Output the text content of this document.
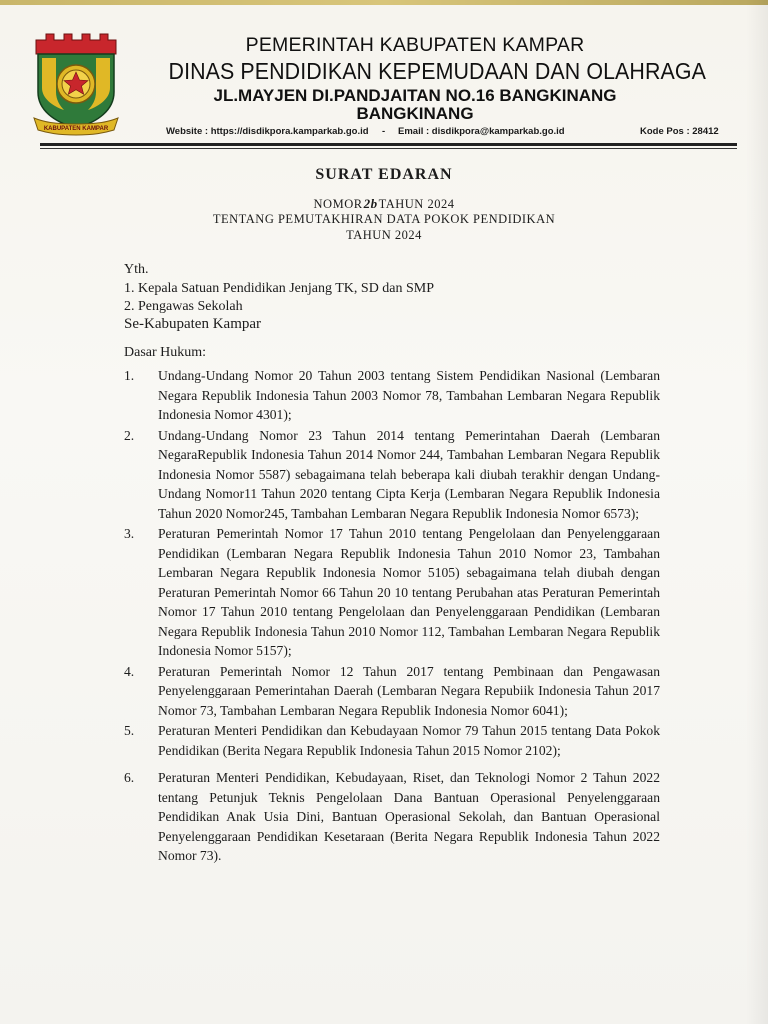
KABUPATEN KAMPAR
PEMERINTAH KABUPATEN KAMPAR
DINAS PENDIDIKAN KEPEMUDAAN DAN OLAHRAGA
JL.MAYJEN DI.PANDJAITAN NO.16 BANGKINANG
BANGKINANG
Website : https://disdikpora.kamparkab.go.id - Email : disdikpora@kamparkab.go.id	Kode Pos : 28412
SURAT EDARAN
NOMOR2bTAHUN 2024
TENTANG PEMUTAKHIRAN DATA POKOK PENDIDIKAN
TAHUN 2024
Yth.
1. Kepala Satuan Pendidikan Jenjang TK, SD dan SMP
2. Pengawas Sekolah
Se-Kabupaten Kampar
Dasar Hukum:
1. Undang-Undang Nomor 20 Tahun 2003 tentang Sistem Pendidikan Nasional (Lembaran Negara Republik Indonesia Tahun 2003 Nomor 78, Tambahan Lembaran Negara Republik Indonesia Nomor 4301);
2. Undang-Undang Nomor 23 Tahun 2014 tentang Pemerintahan Daerah (Lembaran NegaraRepublik Indonesia Tahun 2014 Nomor 244, Tambahan Lembaran Negara Republik Indonesia Nomor 5587) sebagaimana telah beberapa kali diubah terakhir dengan Undang-Undang Nomor11 Tahun 2020 tentang Cipta Kerja (Lembaran Negara Republik Indonesia Tahun 2020 Nomor245, Tambahan Lembaran Negara Republik Indonesia Nomor 6573);
3. Peraturan Pemerintah Nomor 17 Tahun 2010 tentang Pengelolaan dan Penyelenggaraan Pendidikan (Lembaran Negara Republik Indonesia Tahun 2010 Nomor 23, Tambahan Lembaran Negara Republik Indonesia Nomor 5105) sebagaimana telah diubah dengan Peraturan Pemerintah Nomor 66 Tahun 20 10 tentang Perubahan atas Peraturan Pemerintah Nomor 17 Tahun 2010 tentang Pengelolaan dan Penyelenggaraan Pendidikan (Lembaran Negara Republik Indonesia Tahun 2010 Nomor 112, Tambahan Lembaran Negara Republik Indonesia Nomor 5157);
4. Peraturan Pemerintah Nomor 12 Tahun 2017 tentang Pembinaan dan Pengawasan Penyelenggaraan Pemerintahan Daerah (Lembaran Negara Repubiik Indonesia Tahun 2017 Nomor 73, Tambahan Lembaran Negara Republik Indonesia Nomor 6041);
5. Peraturan Menteri Pendidikan dan Kebudayaan Nomor 79 Tahun 2015 tentang Data Pokok Pendidikan (Berita Negara Republik Indonesia Tahun 2015 Nomor 2102);
6. Peraturan Menteri Pendidikan, Kebudayaan, Riset, dan Teknologi Nomor 2 Tahun 2022 tentang Petunjuk Teknis Pengelolaan Dana Bantuan Operasional Penyelenggaraan Pendidikan Anak Usia Dini, Bantuan Operasional Sekolah, dan Bantuan Operasional Penyelenggaraan Pendidikan Kesetaraan (Berita Negara Republik Indonesia Tahun 2022 Nomor 73).
